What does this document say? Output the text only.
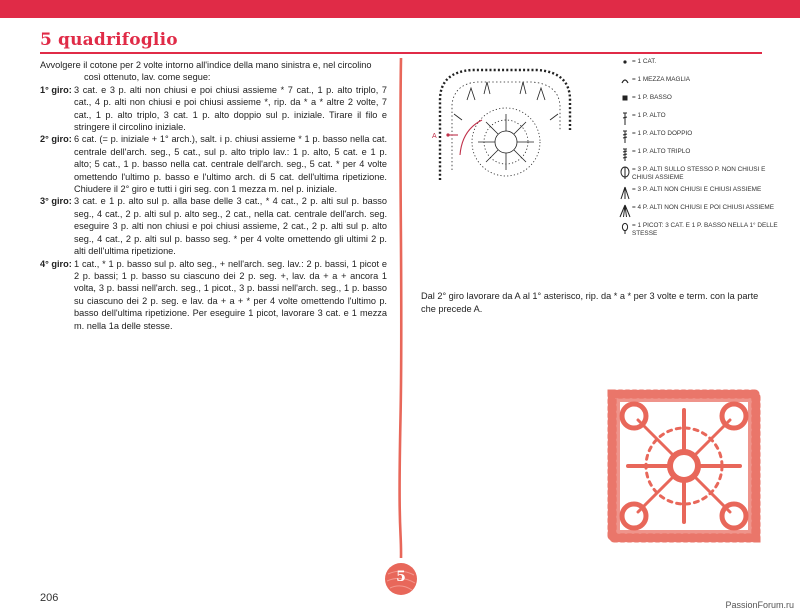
5 quadrifoglio

Avvolgere il cotone per 2 volte intorno all'indice della mano sinistra e, nel circolino

così ottenuto, lav. come segue:

1° giro: 3 cat. e 3 p. alti non chiusi e poi chiusi assieme * 7 cat., 1 p. alto triplo, 7 cat., 4 p. alti non chiusi e poi chiusi assieme *, rip. da * a * altre 2 volte, 7 cat., 1 p. alto triplo, 3 cat. 1 p. alto doppio sul p. iniziale. Tirare il filo e stringere il circolino iniziale.
2° giro: 6 cat. (= p. iniziale + 1° arch.), salt. i p. chiusi assieme * 1 p. basso nella cat. centrale dell'arch. seg., 5 cat., sul p. alto triplo lav.: 1 p. alto, 5 cat. e 1 p. alto; 5 cat., 1 p. basso nella cat. centrale dell'arch. seg., 5 cat. * per 4 volte omettendo l'ultimo p. basso e l'ultimo arch. di 5 cat. dell'ultima ripetizione. Chiudere il 2° giro e tutti i giri seg. con 1 mezza m. nel p. iniziale.
3° giro: 3 cat. e 1 p. alto sul p. alla base delle 3 cat., * 4 cat., 2 p. alti sul p. basso seg., 4 cat., 2 p. alti sul p. alto seg., 2 cat., nella cat. centrale dell'arch. seg. eseguire 3 p. alti non chiusi e poi chiusi assieme, 2 cat., 2 p. alti sul p. alto seg., 4 cat., 2 p. alti sul p. basso seg. * per 4 volte omettendo gli ultimi 2 p. alti dell'ultima ripetizione.
4° giro: 1 cat., * 1 p. basso sul p. alto seg., + nell'arch. seg. lav.: 2 p. bassi, 1 picot e 2 p. bassi; 1 p. basso su ciascuno dei 2 p. seg. +, lav. da + a + ancora 1 volta, 3 p. bassi nell'arch. seg., 1 picot., 3 p. bassi nell'arch. seg., 1 p. basso su ciascuno dei 2 p. seg. e lav. da + a + * per 4 volte omettendo l'ultimo p. basso dell'ultima ripetizione. Per eseguire 1 picot, lavorare 3 cat. e 1 mezza m. nella 1a delle stesse.
A
= 1 CAT.
= 1 MEZZA MAGLIA
= 1 P. BASSO
= 1 P. ALTO
= 1 P. ALTO DOPPIO
= 1 P. ALTO TRIPLO
= 3 P. ALTI SULLO STESSO P. NON CHIUSI E CHIUSI ASSIEME
= 3 P. ALTI NON CHIUSI E CHIUSI ASSIEME
= 4 P. ALTI NON CHIUSI E POI CHIUSI ASSIEME
= 1 PICOT: 3 CAT. E 1 P. BASSO NELLA 1° DELLE STESSE
Dal 2° giro lavorare da A al 1° asterisco, rip. da * a * per 3 volte e term. con la parte che precede A.
206
5
PassionForum.ru
